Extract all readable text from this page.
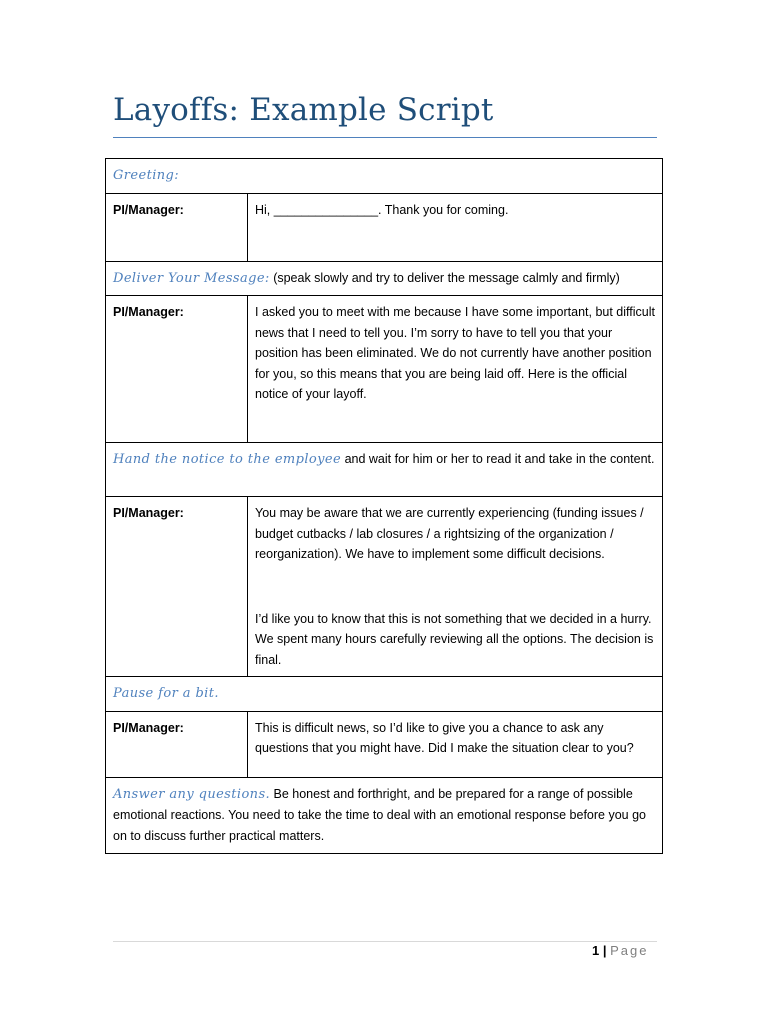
Layoffs: Example Script
Greeting:	
PI/Manager:	Hi, _______________. Thank you for coming.
Deliver Your Message: (speak slowly and try to deliver the message calmly and firmly)	
PI/Manager:	I asked you to meet with me because I have some important, but difficult news that I need to tell you. I’m sorry to have to tell you that your position has been eliminated. We do not currently have another position for you, so this means that you are being laid off. Here is the official notice of your layoff.
Hand the notice to the employee and wait for him or her to read it and take in the content.	
PI/Manager:	You may be aware that we are currently experiencing (funding issues / budget cutbacks / lab closures / a rightsizing of the organization / reorganization). We have to implement some difficult decisions.
I’d like you to know that this is not something that we decided in a hurry. We spent many hours carefully reviewing all the options. The decision is final.

Pause for a bit.	
PI/Manager:	This is difficult news, so I’d like to give you a chance to ask any questions that you might have. Did I make the situation clear to you?
Answer any questions. Be honest and forthright, and be prepared for a range of possible emotional reactions. You need to take the time to deal with an emotional response before you go on to discuss further practical matters.	
1 | Page
